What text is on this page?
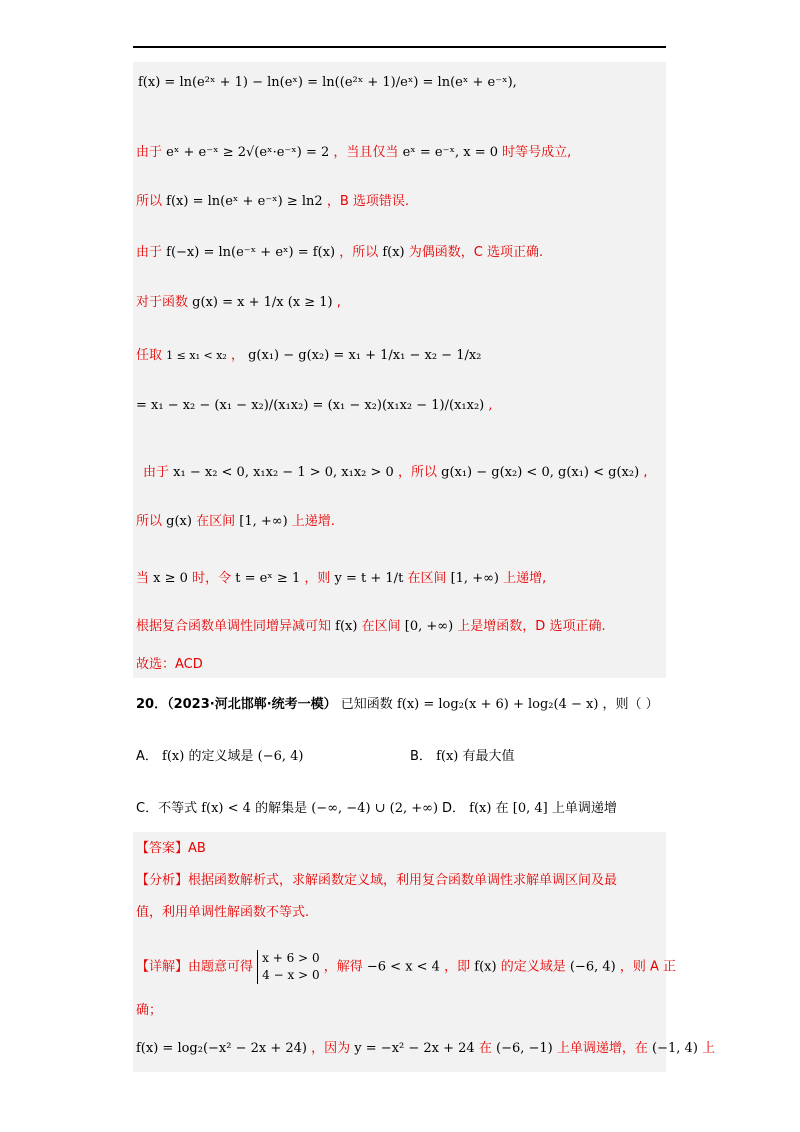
f(x) = ln(e²ˣ + 1) − ln(eˣ) = ln((e²ˣ + 1)/eˣ) = ln(eˣ + e⁻ˣ),
由于 eˣ + e⁻ˣ ≥ 2√(eˣ·e⁻ˣ) = 2 ，当且仅当 eˣ = e⁻ˣ, x = 0 时等号成立,
所以 f(x) = ln(eˣ + e⁻ˣ) ≥ ln2 ，B 选项错误.
由于 f(−x) = ln(e⁻ˣ + eˣ) = f(x) ，所以 f(x) 为偶函数，C 选项正确.
对于函数 g(x) = x + 1/x (x ≥ 1) ,
任取 1 ≤ x₁ < x₂ ， g(x₁) − g(x₂) = x₁ + 1/x₁ − x₂ − 1/x₂
= x₁ − x₂ − (x₁ − x₂)/(x₁x₂) = (x₁ − x₂)(x₁x₂ − 1)/(x₁x₂) ,
由于 x₁ − x₂ < 0, x₁x₂ − 1 > 0, x₁x₂ > 0 ，所以 g(x₁) − g(x₂) < 0, g(x₁) < g(x₂) ,
所以 g(x) 在区间 [1, +∞) 上递增.
当 x ≥ 0 时，令 t = eˣ ≥ 1 ，则 y = t + 1/t 在区间 [1, +∞) 上递增,
根据复合函数单调性同增异减可知 f(x) 在区间 [0, +∞) 上是增函数，D 选项正确.
故选：ACD
20．（2023·河北邯郸·统考一模） 已知函数 f(x) = log₂(x + 6) + log₂(4 − x) ，则（ ）
A． f(x) 的定义域是 (−6, 4)	B． f(x) 有最大值
C．不等式 f(x) < 4 的解集是 (−∞, −4) ∪ (2, +∞) D． f(x) 在 [0, 4] 上单调递增
【答案】AB
【分析】根据函数解析式，求解函数定义域，利用复合函数单调性求解单调区间及最
值，利用单调性解函数不等式.
【详解】由题意可得 x + 6 > 0
4 − x > 0 ，解得 −6 < x < 4 ，即 f(x) 的定义域是 (−6, 4) ，则 A 正
确；
f(x) = log₂(−x² − 2x + 24) ，因为 y = −x² − 2x + 24 在 (−6, −1) 上单调递增，在 (−1, 4) 上
